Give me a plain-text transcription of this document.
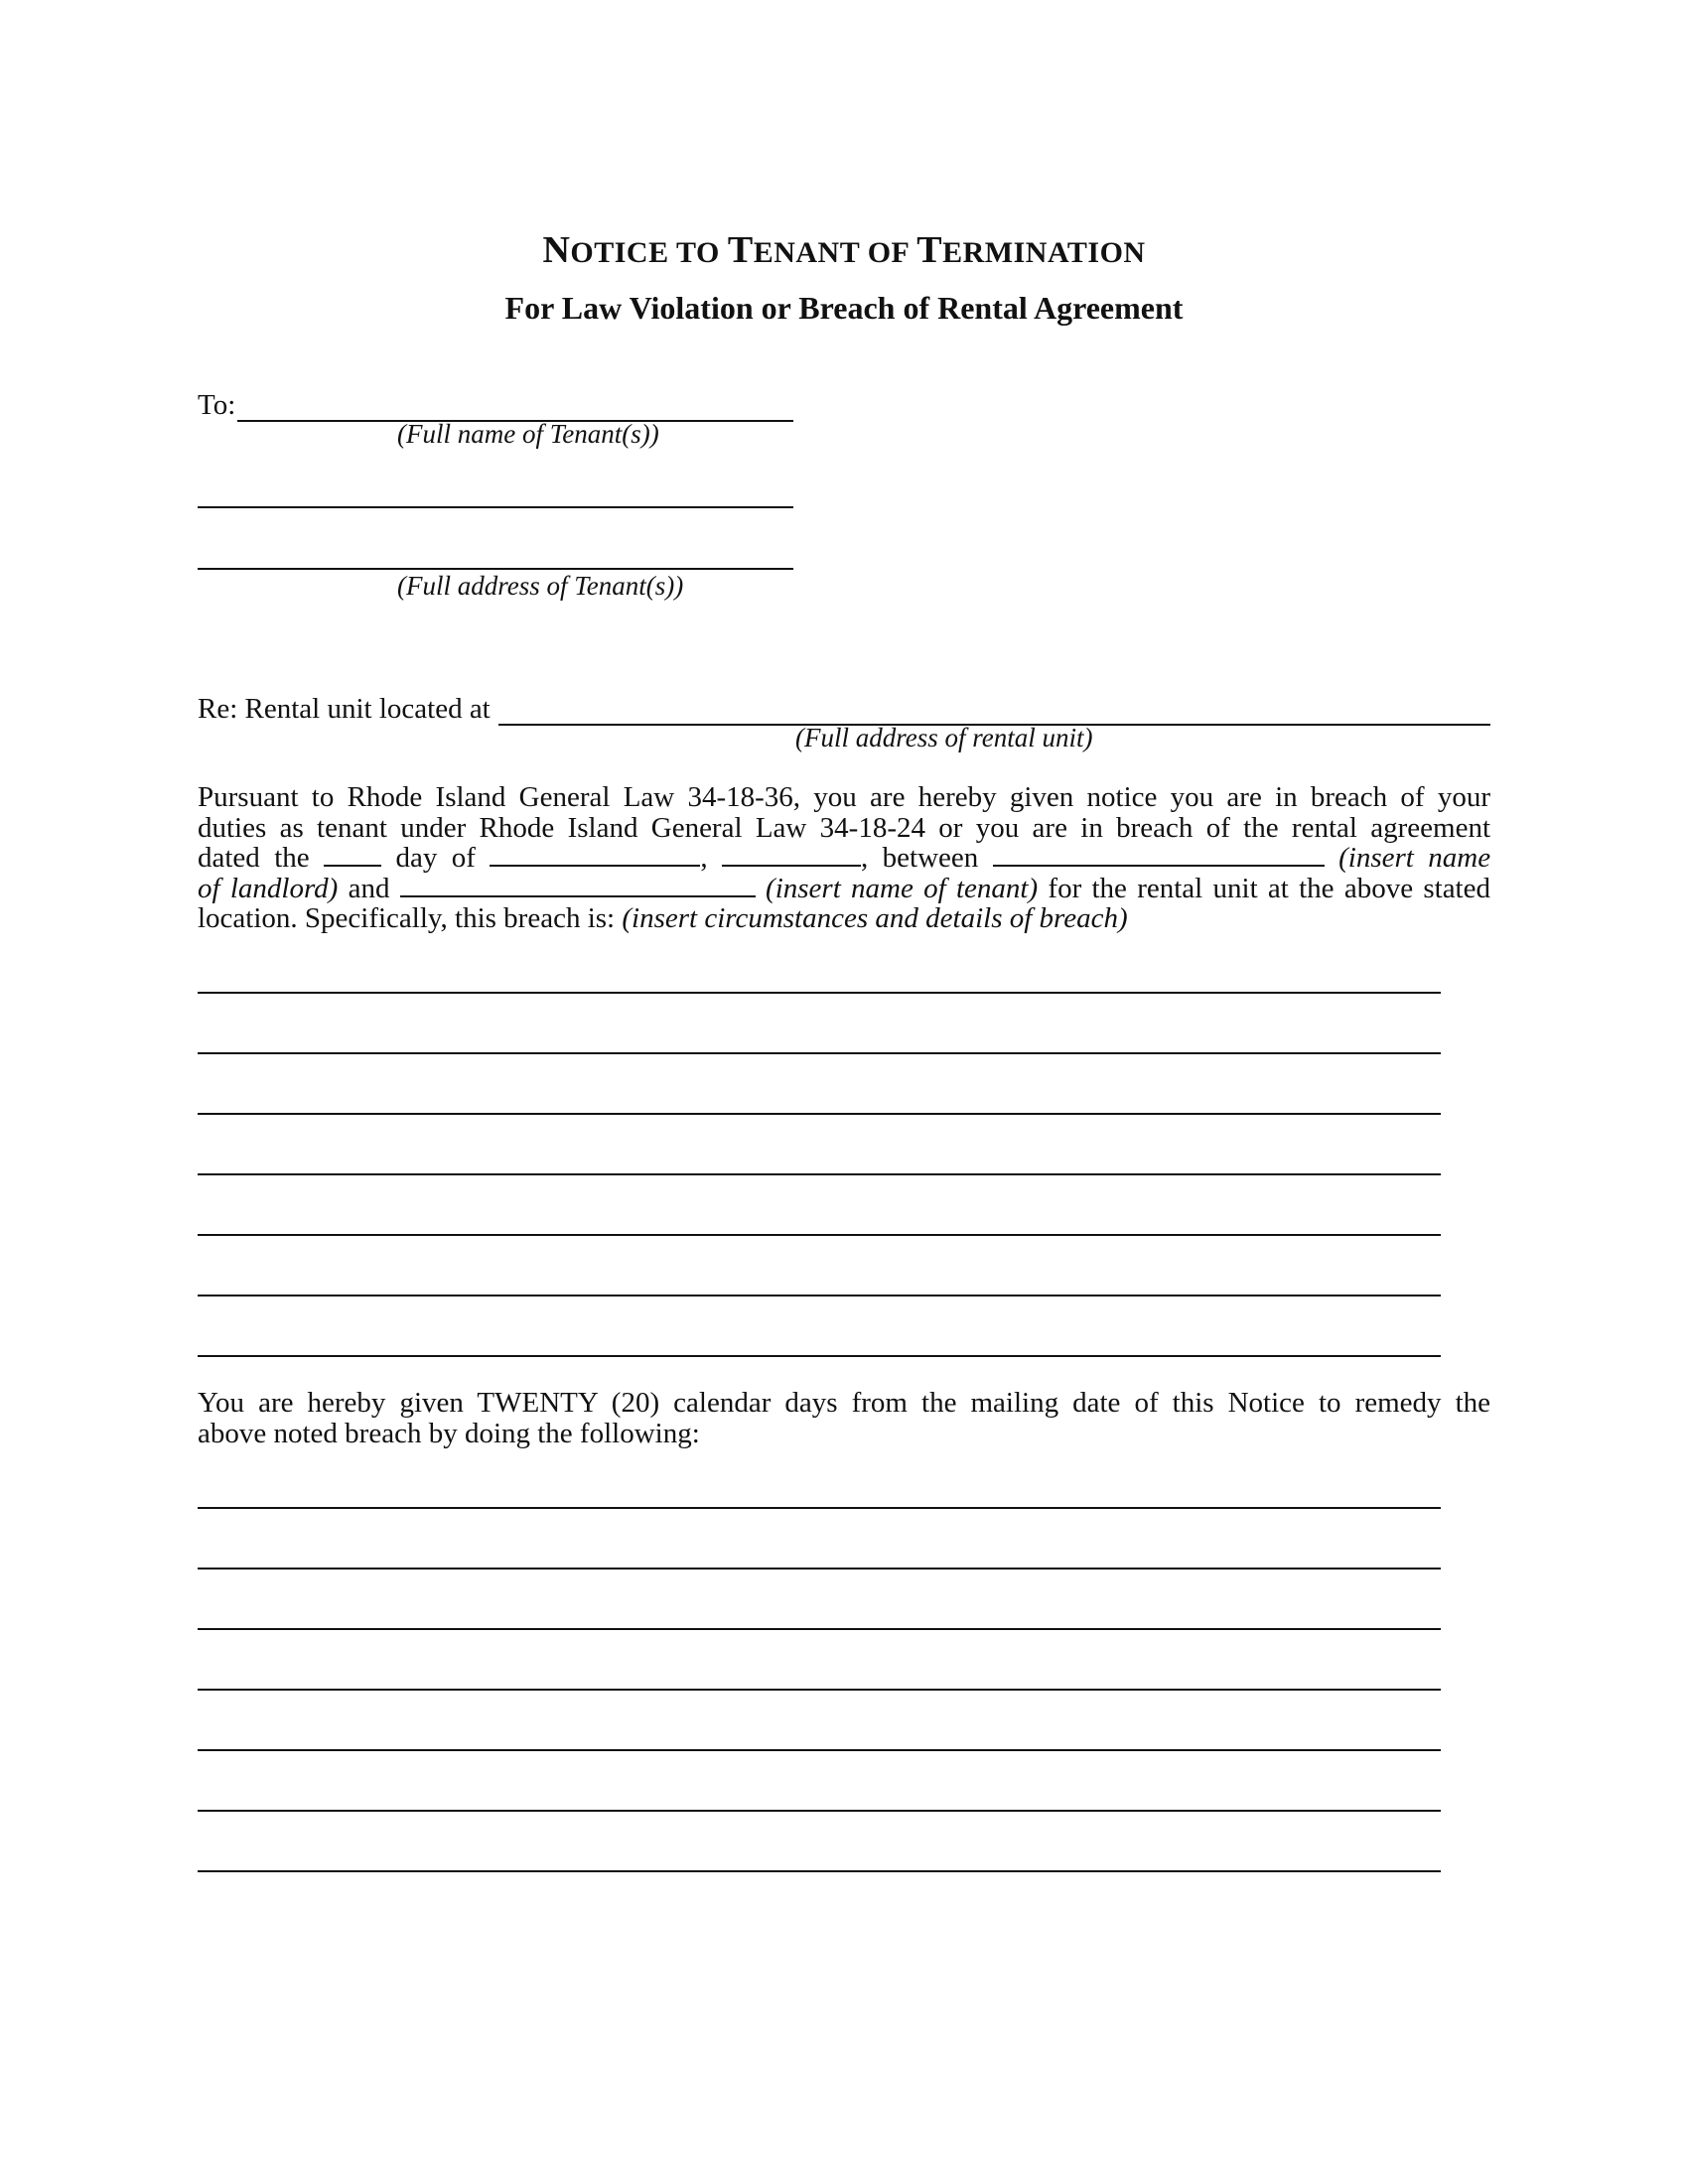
NOTICE TO TENANT OF TERMINATION
For Law Violation or Breach of Rental Agreement
To:
(Full name of Tenant(s))
(Full address of Tenant(s))
Re: Rental unit located at
(Full address of rental unit)
Pursuant to Rhode Island General Law 34-18-36, you are hereby given notice you are in breach of your
duties as tenant under Rhode Island General Law 34-18-24 or you are in breach of the rental agreement
dated the	day of	,	, between	(insert name
of landlord) and	(insert name of tenant) for the rental unit at the above stated
location. Specifically, this breach is: (insert circumstances and details of breach)
You are hereby given TWENTY (20) calendar days from the mailing date of this Notice to remedy the
above noted breach by doing the following:
